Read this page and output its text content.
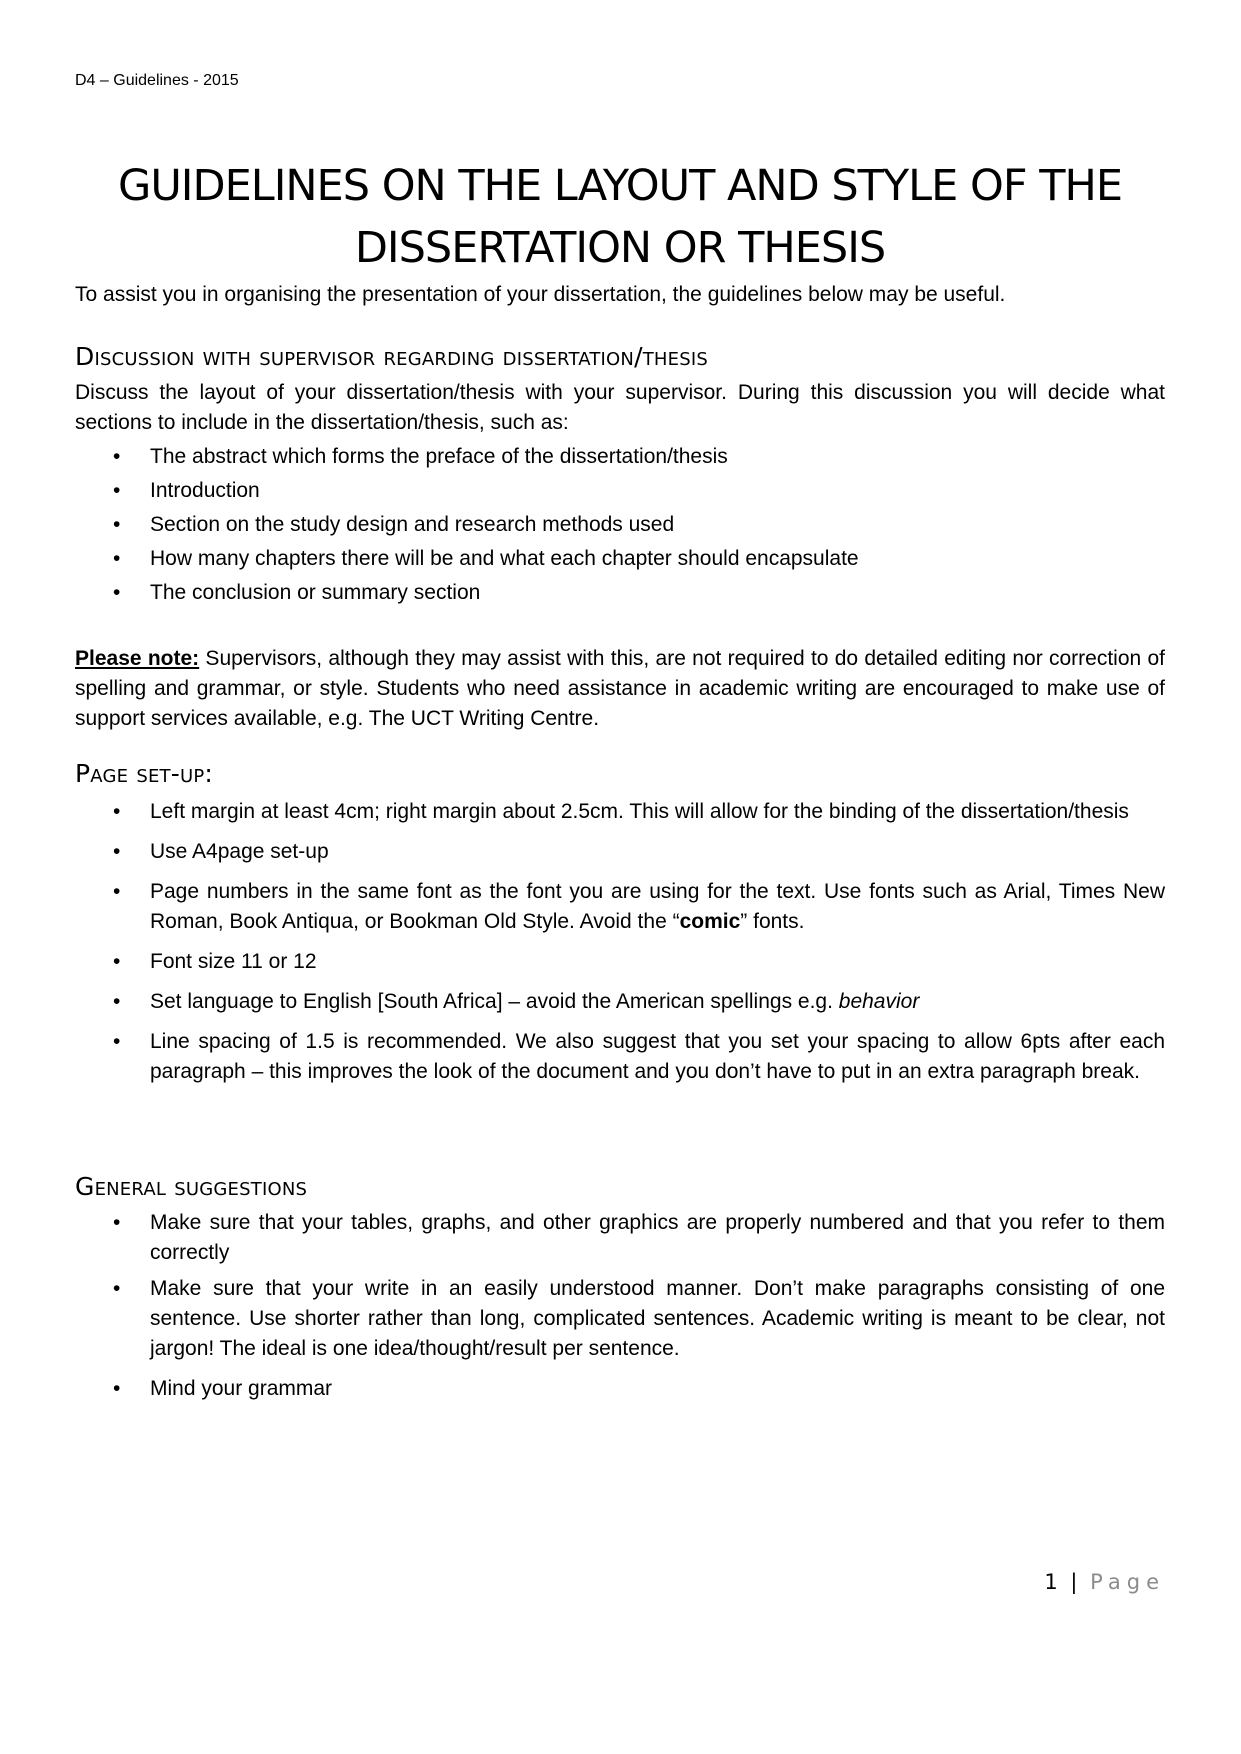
D4 – Guidelines - 2015
GUIDELINES ON THE LAYOUT AND STYLE OF THE
DISSERTATION OR THESIS

To assist you in organising the presentation of your dissertation, the guidelines below may be useful.

Discussion with supervisor regarding dissertation/thesis

Discuss the layout of your dissertation/thesis with your supervisor. During this discussion you will decide what sections to include in the dissertation/thesis, such as:

• The abstract which forms the preface of the dissertation/thesis
• Introduction
• Section on the study design and research methods used
• How many chapters there will be and what each chapter should encapsulate
• The conclusion or summary section

Please note: Supervisors, although they may assist with this, are not required to do detailed editing nor correction of spelling and grammar, or style. Students who need assistance in academic writing are encouraged to make use of support services available, e.g. The UCT Writing Centre.

Page set-up:
• Left margin at least 4cm; right margin about 2.5cm. This will allow for the binding of the dissertation/thesis
• Use A4page set-up
• Page numbers in the same font as the font you are using for the text. Use fonts such as Arial, Times New Roman, Book Antiqua, or Bookman Old Style. Avoid the “comic” fonts.
• Font size 11 or 12
• Set language to English [South Africa] – avoid the American spellings e.g. behavior
• Line spacing of 1.5 is recommended. We also suggest that you set your spacing to allow 6pts after each paragraph – this improves the look of the document and you don’t have to put in an extra paragraph break.
General suggestions
• Make sure that your tables, graphs, and other graphics are properly numbered and that you refer to them correctly
• Make sure that your write in an easily understood manner. Don’t make paragraphs consisting of one sentence. Use shorter rather than long, complicated sentences. Academic writing is meant to be clear, not jargon! The ideal is one idea/thought/result per sentence.
• Mind your grammar
1 | Page
